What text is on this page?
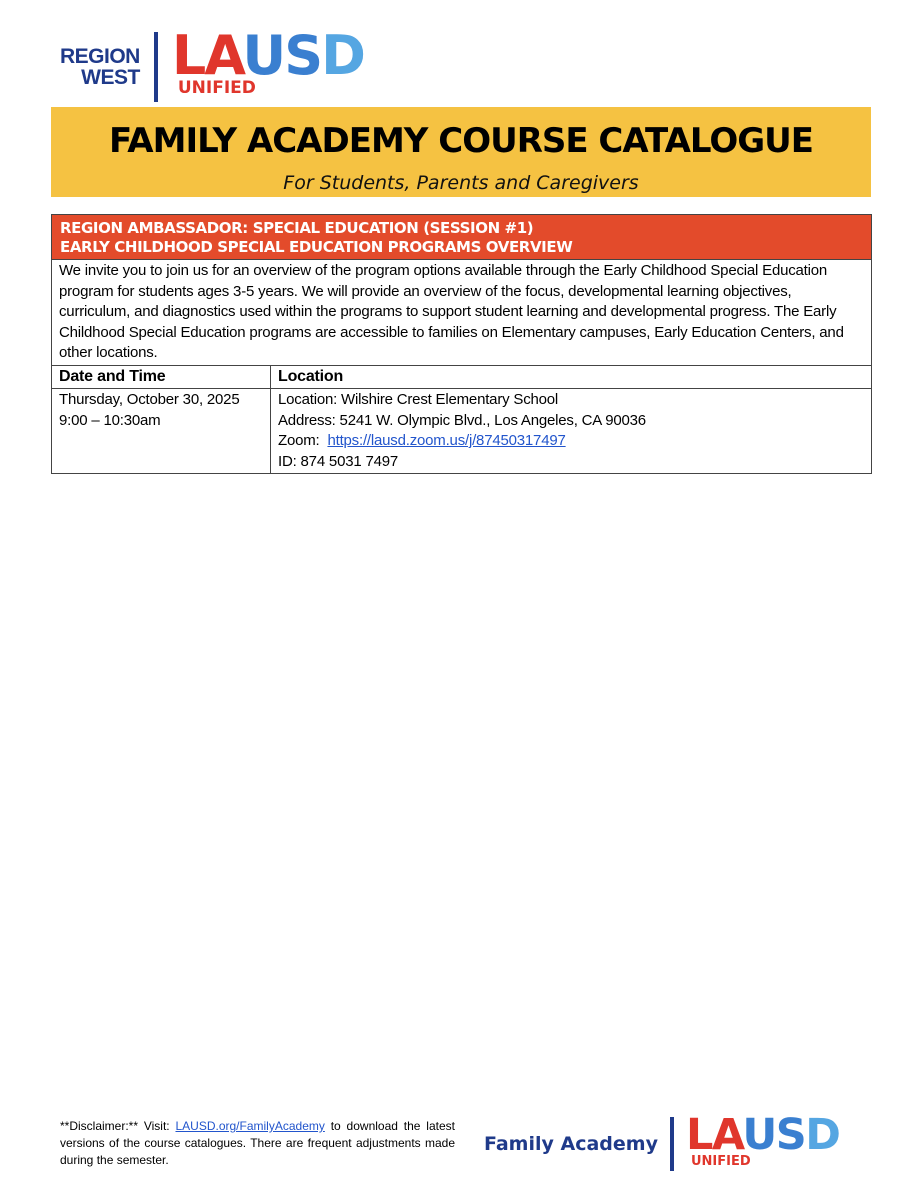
REGION
WEST LAUSD
UNIFIED
FAMILY ACADEMY COURSE CATALOGUE
For Students, Parents and Caregivers
REGION AMBASSADOR: SPECIAL EDUCATION (SESSION #1)
EARLY CHILDHOOD SPECIAL EDUCATION PROGRAMS OVERVIEW
We invite you to join us for an overview of the program options available through the Early Childhood Special Education program for students ages 3-5 years. We will provide an overview of the focus, developmental learning objectives, curriculum, and diagnostics used within the programs to support student learning and developmental progress. The Early Childhood Special Education programs are accessible to families on Elementary campuses, Early Education Centers, and other locations.
Date and Time	Location
Thursday, October 30, 2025
9:00 – 10:30am
Location: Wilshire Crest Elementary School
Address: 5241 W. Olympic Blvd., Los Angeles, CA 90036
Zoom:  https://lausd.zoom.us/j/87450317497
ID: 874 5031 7497
**Disclaimer:** Visit: LAUSD.org/FamilyAcademy to download the latest versions of the course catalogues. There are frequent adjustments made during the semester.
Family Academy LAUSD
UNIFIED
